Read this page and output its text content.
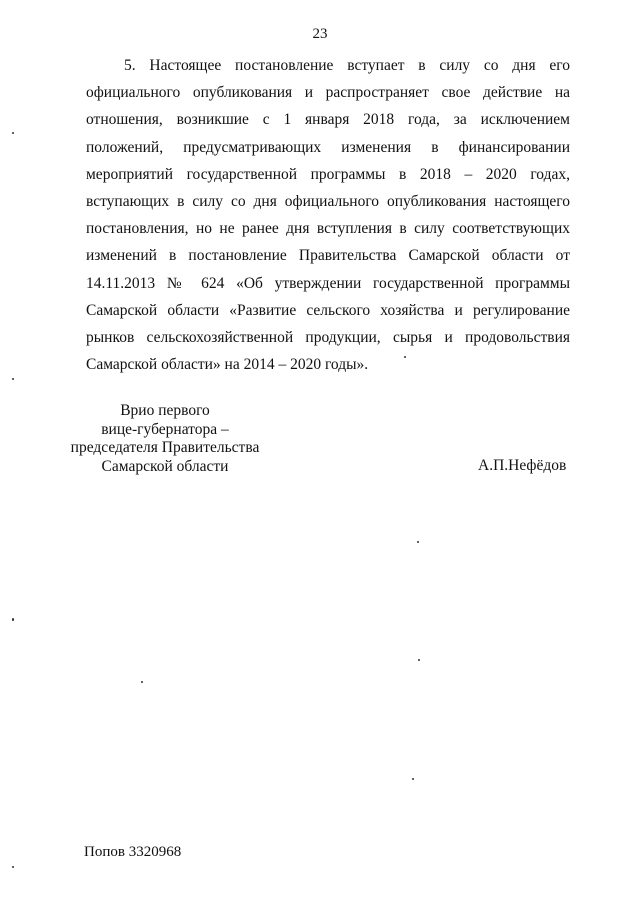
23

5. Настоящее постановление вступает в силу со дня его официального опубликования и распространяет свое действие на отношения, возникшие с 1 января 2018 года, за исключением положений, предусматривающих изменения в финансировании мероприятий государственной программы в 2018 – 2020 годах, вступающих в силу со дня официального опубликования настоящего постановления, но не ранее дня вступления в силу соответствующих изменений в постановление Правительства Самарской области от 14.11.2013 № 624 «Об утверждении государственной программы Самарской области «Развитие сельского хозяйства и регулирование рынков сельскохозяйственной продукции, сырья и продовольствия Самарской области» на 2014 – 2020 годы».

Врио первого
вице-губернатора –
председателя Правительства
Самарской области	А.П.Нефёдов
Попов 3320968
